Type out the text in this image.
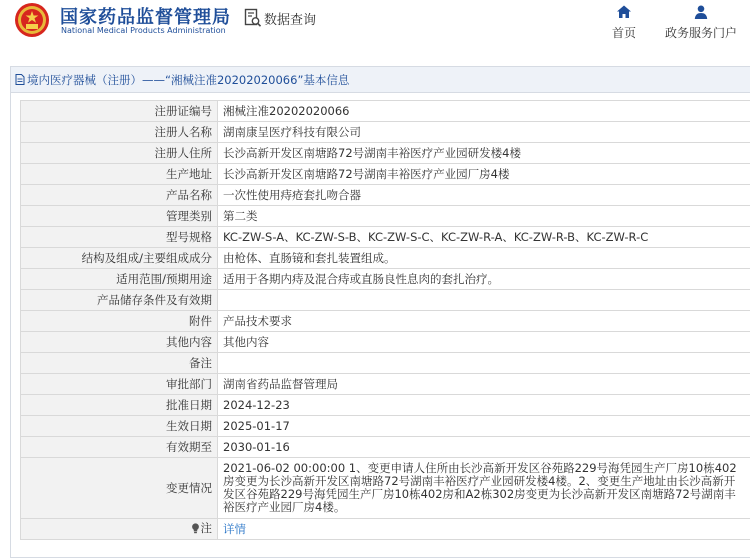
国家药品监督管理局
National Medical Products Administration
数据查询
首页	政务服务门户
境内医疗器械（注册）——“湘械注准20202020066”基本信息
注册证编号	湘械注准20202020066
注册人名称	湖南康呈医疗科技有限公司
注册人住所	长沙高新开发区南塘路72号湖南丰裕医疗产业园研发楼4楼
生产地址	长沙高新开发区南塘路72号湖南丰裕医疗产业园厂房4楼
产品名称	一次性使用痔疮套扎吻合器
管理类别	第二类
型号规格	KC-ZW-S-A、KC-ZW-S-B、KC-ZW-S-C、KC-ZW-R-A、KC-ZW-R-B、KC-ZW-R-C
结构及组成/主要组成成分	由枪体、直肠镜和套扎装置组成。
适用范围/预期用途	适用于各期内痔及混合痔或直肠良性息肉的套扎治疗。
产品储存条件及有效期	
附件	产品技术要求
其他内容	其他内容
备注	
审批部门	湖南省药品监督管理局
批准日期	2024-12-23
生效日期	2025-01-17
有效期至	2030-01-16
变更情况	2021-06-02 00:00:00 1、变更申请人住所由长沙高新开发区谷苑路229号海凭园生产厂房10栋402房变更为长沙高新开发区南塘路72号湖南丰裕医疗产业园研发楼4楼。2、变更生产地址由长沙高新开发区谷苑路229号海凭园生产厂房10栋402房和A2栋302房变更为长沙高新开发区南塘路72号湖南丰裕医疗产业园厂房4楼。

注	详情
